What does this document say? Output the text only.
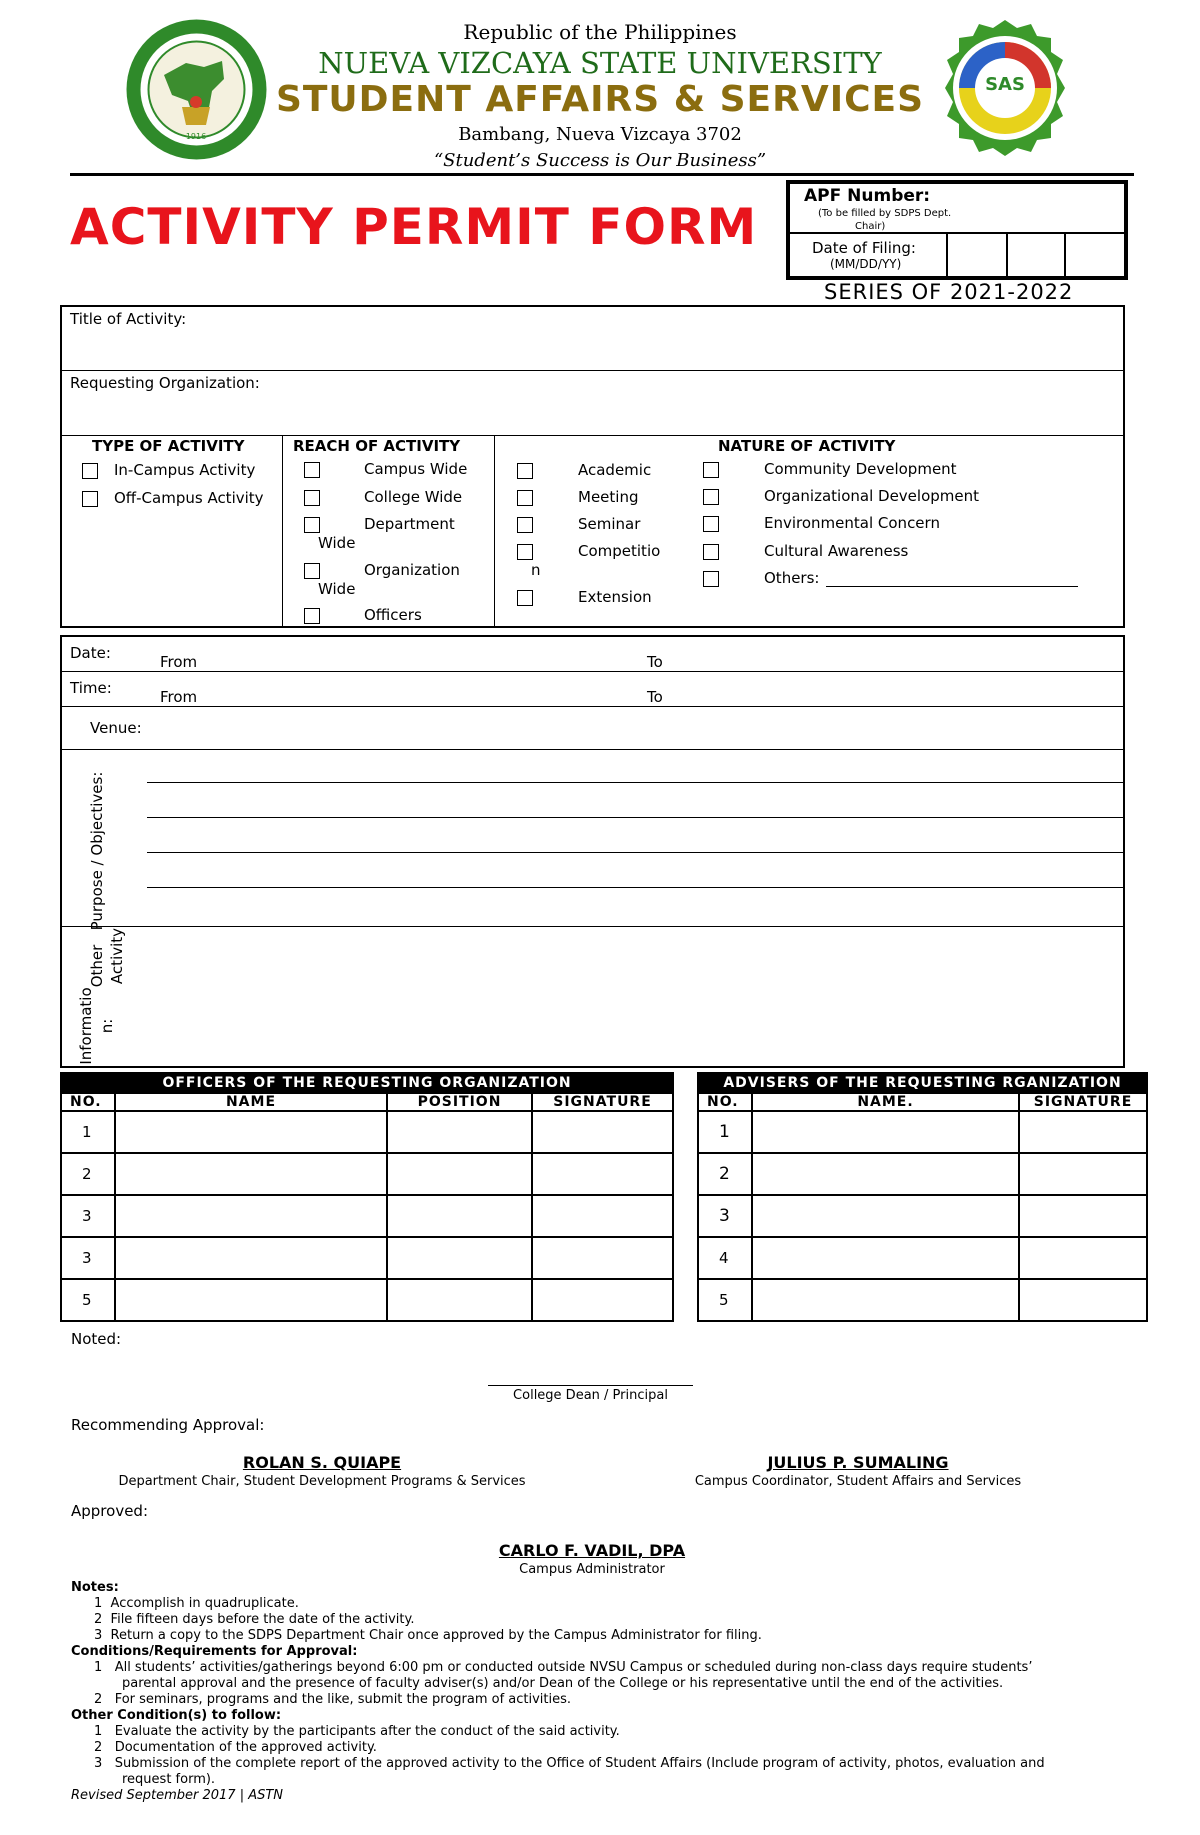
1916
SAS
Republic of the Philippines
NUEVA VIZCAYA STATE UNIVERSITY
STUDENT AFFAIRS & SERVICES
Bambang, Nueva Vizcaya 3702
“Student’s Success is Our Business”
ACTIVITY PERMIT FORM
APF Number:
(To be filled by SDPS Dept.
Chair)
Date of Filing:
(MM/DD/YY)
SERIES OF 2021-2022
Title of Activity:
Requesting Organization:
TYPE OF ACTIVITY
In-Campus Activity
Off-Campus Activity
REACH OF ACTIVITY
Campus Wide
College Wide
Department
Wide
Organization
Wide
Officers
NATURE OF ACTIVITY
Academic
Meeting
Seminar
Competitio
n
Extension
Community Development
Organizational Development
Environmental Concern
Cultural Awareness
Others:
Date:	From	To
Time:	From	To
Venue:
Purpose / Objectives:
Other Activity
Informatio n:
OFFICERS OF THE REQUESTING ORGANIZATION			
NO.	NAME	POSITION	SIGNATURE
1			
2			
3			
3			
5			
ADVISERS OF THE REQUESTING RGANIZATION		
NO.	NAME.	SIGNATURE
1		
2		
3		
4		
5		
Noted:
College Dean / Principal
Recommending Approval:
ROLAN S. QUIAPE
Department Chair, Student Development Programs & Services
JULIUS P. SUMALING
Campus Coordinator, Student Affairs and Services
Approved:
CARLO F. VADIL, DPA
Campus Administrator
Notes:
1 Accomplish in quadruplicate.
2 File fifteen days before the date of the activity.
3 Return a copy to the SDPS Department Chair once approved by the Campus Administrator for filing.
Conditions/Requirements for Approval:
1 All students’ activities/gatherings beyond 6:00 pm or conducted outside NVSU Campus or scheduled during non-class days require students’
parental approval and the presence of faculty adviser(s) and/or Dean of the College or his representative until the end of the activities.
2 For seminars, programs and the like, submit the program of activities.
Other Condition(s) to follow:
1 Evaluate the activity by the participants after the conduct of the said activity.
2 Documentation of the approved activity.
3 Submission of the complete report of the approved activity to the Office of Student Affairs (Include program of activity, photos, evaluation and
request form).
Revised September 2017 | ASTN
